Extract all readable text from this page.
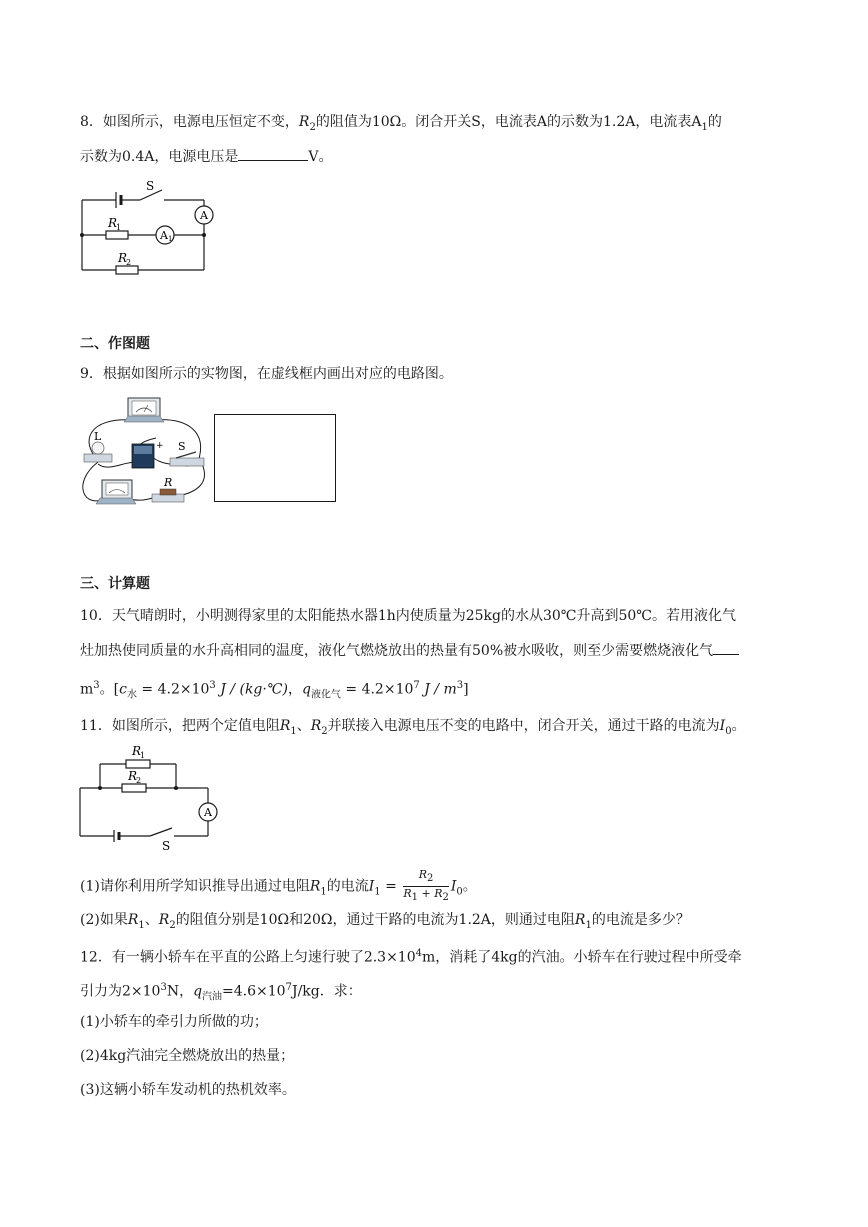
8．如图所示，电源电压恒定不变，$R_2$的阻值为10Ω。闭合开关S，电流表A的示数为1.2A，电流表$A_1$的
示数为0.4A，电源电压是	V。
S
A
A 1
R
1
R
2
二、作图题
9．根据如图所示的实物图，在虚线框内画出对应的电路图。
L
+ S
R
三、计算题
10．天气晴朗时，小明测得家里的太阳能热水器1h内使质量为25kg的水从30℃升高到50℃。若用液化气
灶加热使同质量的水升高相同的温度，液化气燃烧放出的热量有50%被水吸收，则至少需要燃烧液化气
$m^3$。[$c_水 = 4.2\times 10^3$ J / (kg·℃)，$q_{液化气} = 4.2\times 10^7$ J / $m^3$]
11．如图所示，把两个定值电阻$R_1$、$R_2$并联接入电源电压不变的电路中，闭合开关，通过干路的电流为$I_0$。
R
1
R
2
A
S
(1)请你利用所学知识推导出通过电阻$R_1$的电流$I_1 = \frac{R_2}{R_1 + R_2} I_0$。
(2)如果$R_1$、$R_2$的阻值分别是10Ω和20Ω，通过干路的电流为1.2A，则通过电阻$R_1$的电流是多少？
12．有一辆小轿车在平直的公路上匀速行驶了$2.3\times 10^4m$，消耗了4kg的汽油。小轿车在行驶过程中所受牵
引力为$2\times 10^3N$，$q_{汽油}=4.6\times 10^7J/kg$．求：
(1)小轿车的牵引力所做的功；
(2)4kg汽油完全燃烧放出的热量；
(3)这辆小轿车发动机的热机效率。
